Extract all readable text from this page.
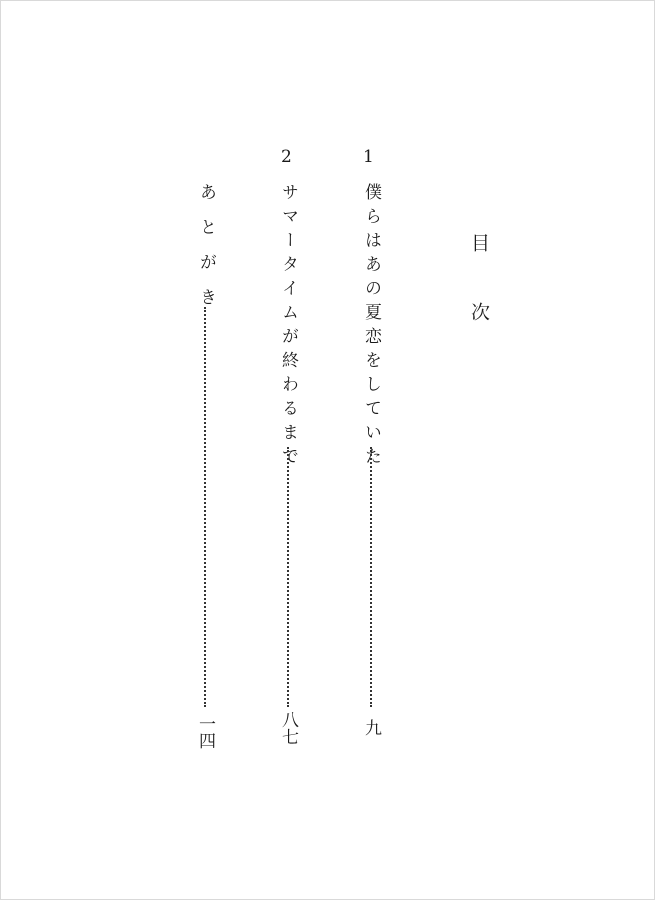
目次
1
僕らはあの夏恋をしていた
九
2
サマータイムが終わるまで
八七
あとがき
一四
